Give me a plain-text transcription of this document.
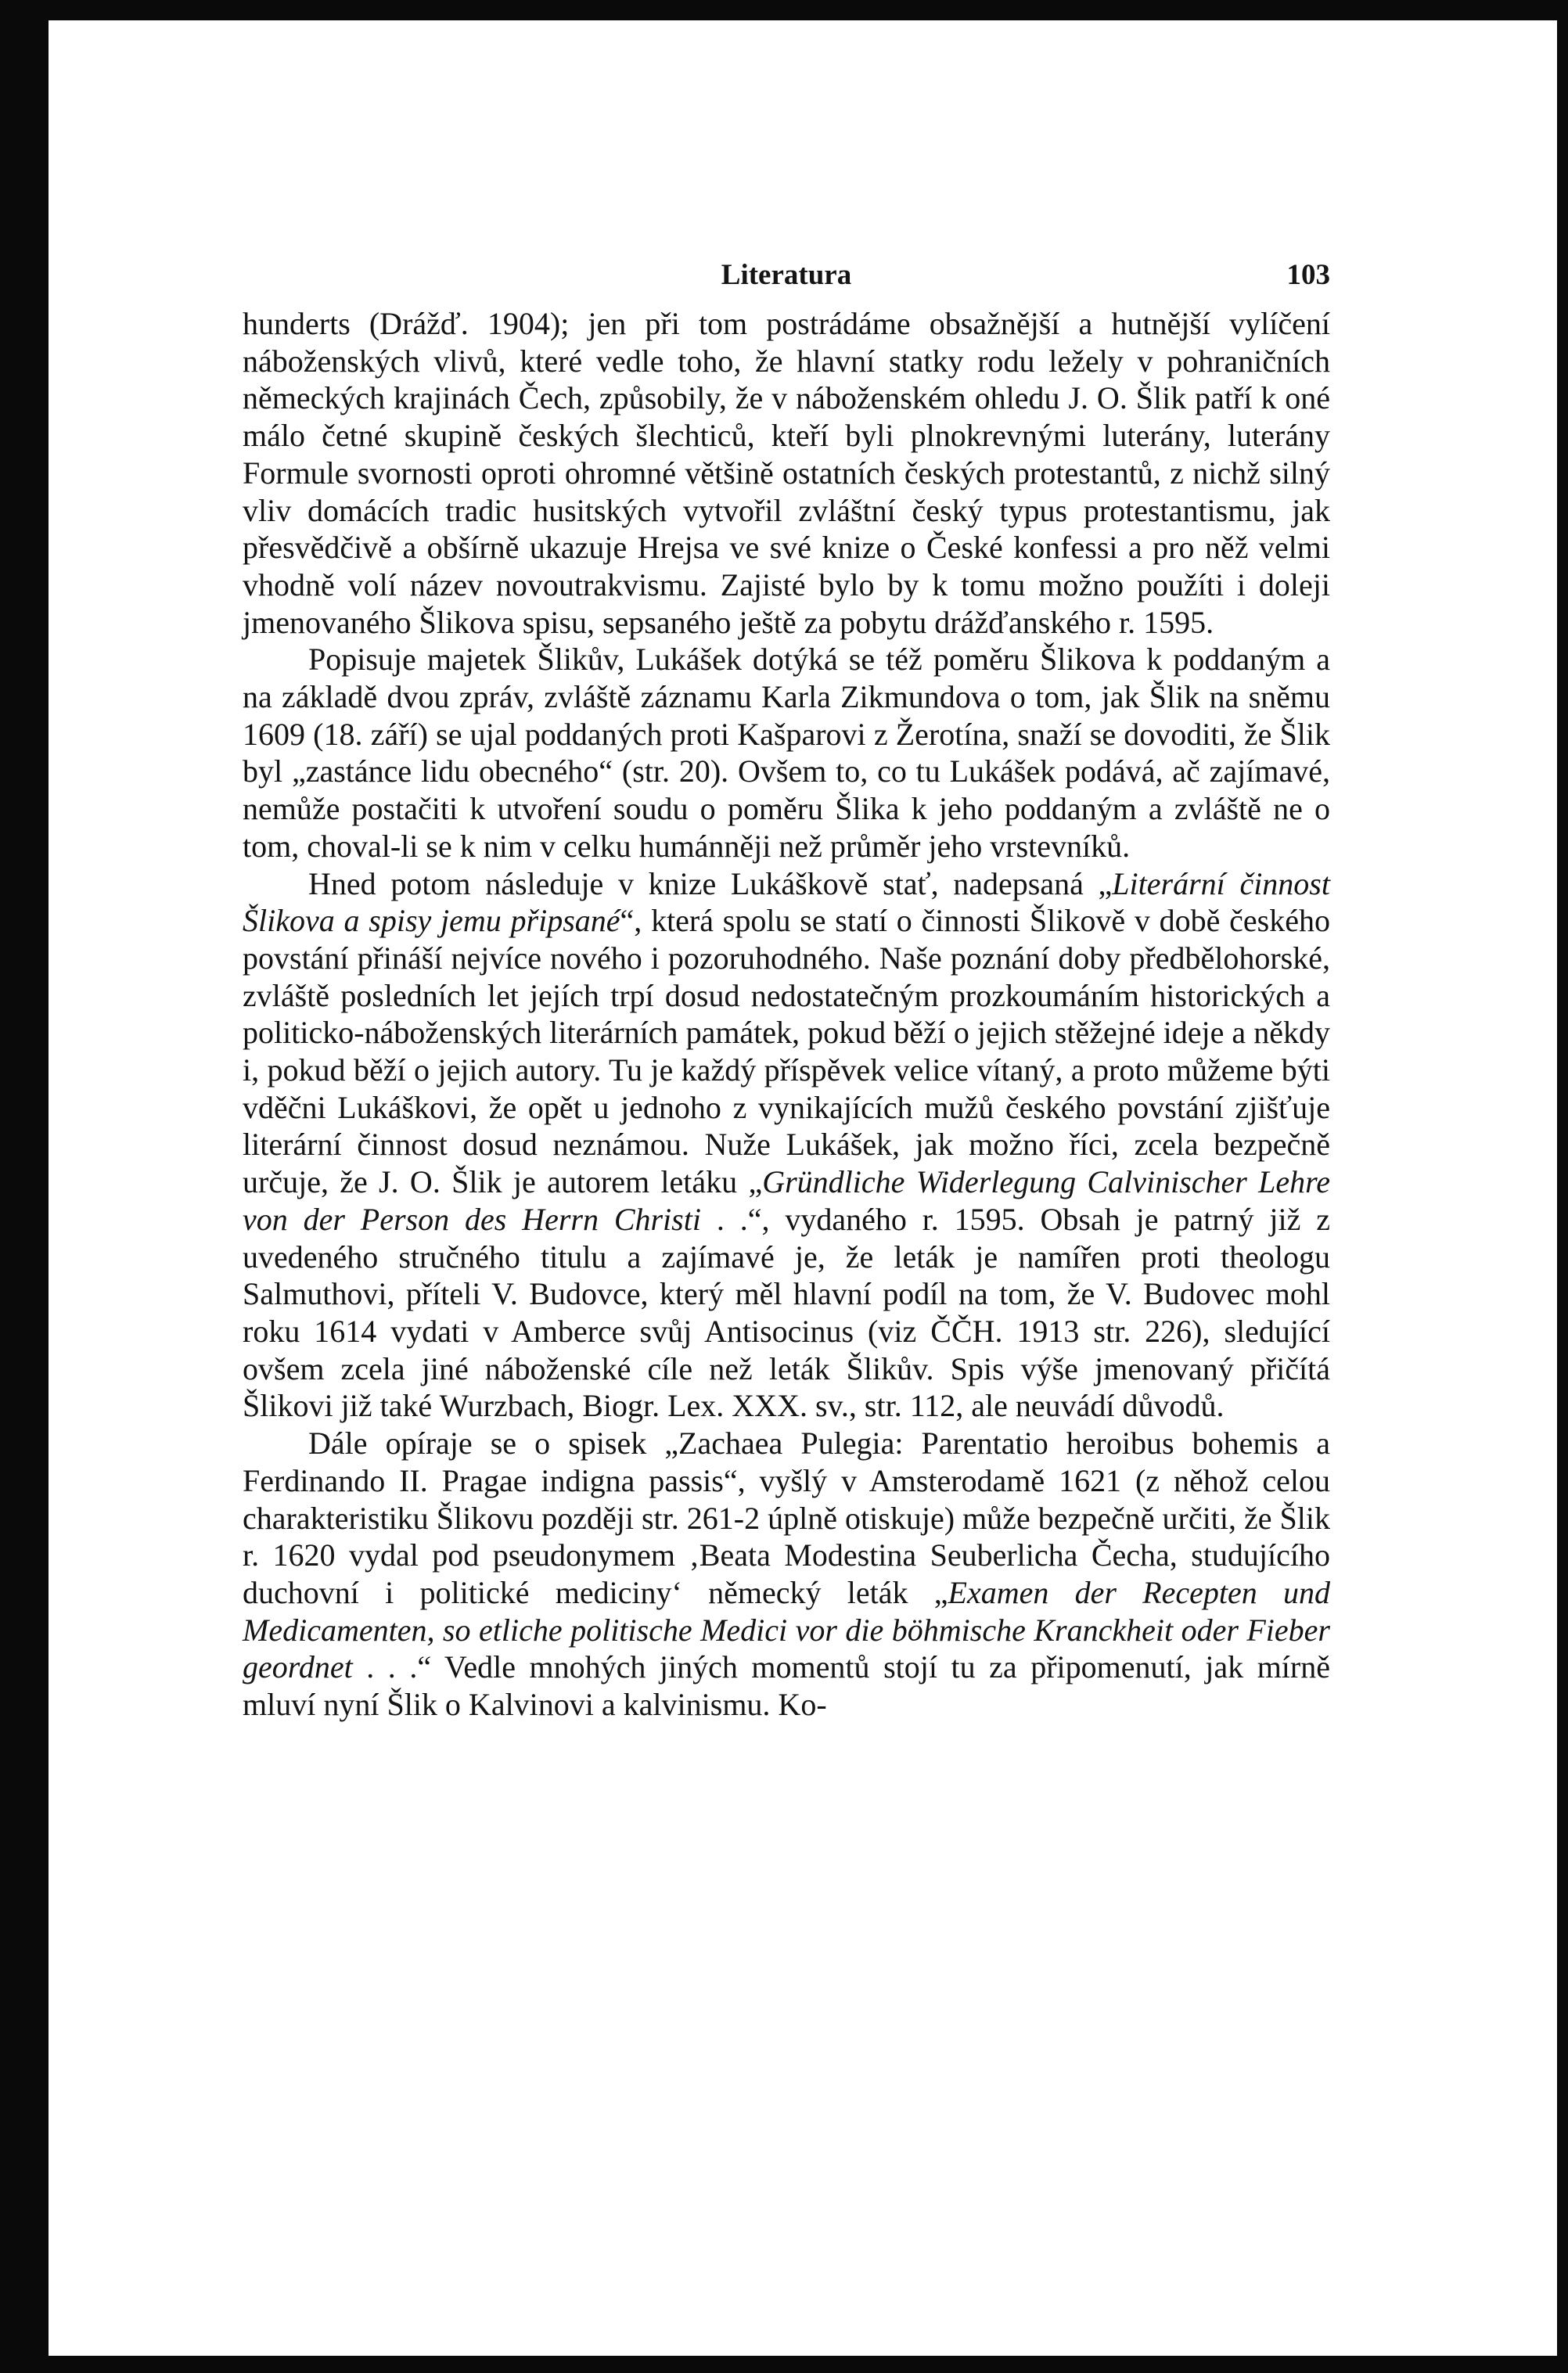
Literatura	103

hunderts (Drážď. 1904); jen při tom postrádáme obsažnější a hutnější vylíčení náboženských vlivů, které vedle toho, že hlavní statky rodu ležely v pohraničních německých krajinách Čech, způsobily, že v náboženském ohledu J. O. Šlik patří k oné málo četné skupině českých šlechticů, kteří byli plnokrevnými luterány, luterány Formule svornosti oproti ohromné většině ostatních českých protestantů, z nichž silný vliv domácích tradic husitských vytvořil zvláštní český typus protestantismu, jak přesvědčivě a obšírně ukazuje Hrejsa ve své knize o České konfessi a pro něž velmi vhodně volí název novoutrakvismu. Zajisté bylo by k tomu možno použíti i doleji jmenovaného Šlikova spisu, sepsaného ještě za pobytu drážďanského r. 1595.

Popisuje majetek Šlikův, Lukášek dotýká se též poměru Šlikova k poddaným a na základě dvou zpráv, zvláště záznamu Karla Zikmundova o tom, jak Šlik na sněmu 1609 (18. září) se ujal poddaných proti Kašparovi z Žerotína, snaží se dovoditi, že Šlik byl „zastánce lidu obecného“ (str. 20). Ovšem to, co tu Lukášek podává, ač zajímavé, nemůže postačiti k utvoření soudu o poměru Šlika k jeho poddaným a zvláště ne o tom, choval-li se k nim v celku humánněji než průměr jeho vrstevníků.

Hned potom následuje v knize Lukáškově stať, nadepsaná „Literární činnost Šlikova a spisy jemu připsané“, která spolu se statí o činnosti Šlikově v době českého povstání přináší nejvíce nového i pozoruhodného. Naše poznání doby předbělohorské, zvláště posledních let jejích trpí dosud nedostatečným prozkoumáním historických a politicko-náboženských literárních památek, pokud běží o jejich stěžejné ideje a někdy i, pokud běží o jejich autory. Tu je každý příspěvek velice vítaný, a proto můžeme býti vděčni Lukáškovi, že opět u jednoho z vynikajících mužů českého povstání zjišťuje literární činnost dosud neznámou. Nuže Lukášek, jak možno říci, zcela bezpečně určuje, že J. O. Šlik je autorem letáku „Gründliche Widerlegung Calvinischer Lehre von der Person des Herrn Christi . .“, vydaného r. 1595. Obsah je patrný již z uvedeného stručného titulu a zajímavé je, že leták je namířen proti theologu Salmuthovi, příteli V. Budovce, který měl hlavní podíl na tom, že V. Budovec mohl roku 1614 vydati v Amberce svůj Antisocinus (viz ČČH. 1913 str. 226), sledující ovšem zcela jiné náboženské cíle než leták Šlikův. Spis výše jmenovaný přičítá Šlikovi již také Wurzbach, Biogr. Lex. XXX. sv., str. 112, ale neuvádí důvodů.

Dále opíraje se o spisek „Zachaea Pulegia: Parentatio heroibus bohemis a Ferdinando II. Pragae indigna passis“, vyšlý v Amsterodamě 1621 (z něhož celou charakteristiku Šlikovu později str. 261-2 úplně otiskuje) může bezpečně určiti, že Šlik r. 1620 vydal pod pseudonymem ‚Beata Modestina Seuberlicha Čecha, studujícího duchovní i politické mediciny‘ německý leták „Examen der Recepten und Medicamenten, so etliche politische Medici vor die böhmische Kranckheit oder Fieber geordnet . . .“ Vedle mnohých jiných momentů stojí tu za připomenutí, jak mírně mluví nyní Šlik o Kalvinovi a kalvinismu. Ko-
